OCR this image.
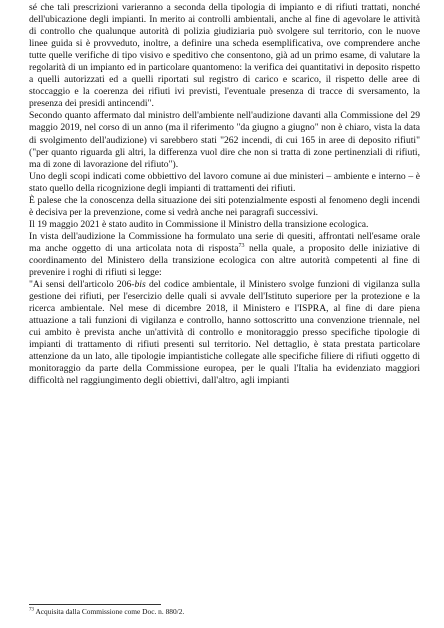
sé che tali prescrizioni varieranno a seconda della tipologia di impianto e di rifiuti trattati, nonché dell'ubicazione degli impianti. In merito ai controlli ambientali, anche al fine di agevolare le attività di controllo che qualunque autorità di polizia giudiziaria può svolgere sul territorio, con le nuove linee guida si è provveduto, inoltre, a definire una scheda esemplificativa, ove comprendere anche tutte quelle verifiche di tipo visivo e speditivo che consentono, già ad un primo esame, di valutare la regolarità di un impianto ed in particolare quantomeno: la verifica dei quantitativi in deposito rispetto a quelli autorizzati ed a quelli riportati sul registro di carico e scarico, il rispetto delle aree di stoccaggio e la coerenza dei rifiuti ivi previsti, l'eventuale presenza di tracce di sversamento, la presenza dei presidi antincendi".

Secondo quanto affermato dal ministro dell'ambiente nell'audizione davanti alla Commissione del 29 maggio 2019, nel corso di un anno (ma il riferimento "da giugno a giugno" non è chiaro, vista la data di svolgimento dell'audizione) vi sarebbero stati "262 incendi, di cui 165 in aree di deposito rifiuti" ("per quanto riguarda gli altri, la differenza vuol dire che non si tratta di zone pertinenziali di rifiuti, ma di zone di lavorazione del rifiuto").

Uno degli scopi indicati come obbiettivo del lavoro comune ai due ministeri – ambiente e interno – è stato quello della ricognizione degli impianti di trattamenti dei rifiuti.

È palese che la conoscenza della situazione dei siti potenzialmente esposti al fenomeno degli incendi è decisiva per la prevenzione, come si vedrà anche nei paragrafi successivi.

Il 19 maggio 2021 è stato audito in Commissione il Ministro della transizione ecologica.

In vista dell'audizione la Commissione ha formulato una serie di quesiti, affrontati nell'esame orale ma anche oggetto di una articolata nota di risposta$^{73}$ nella quale, a proposito delle iniziative di coordinamento del Ministero della transizione ecologica con altre autorità competenti al fine di prevenire i roghi di rifiuti si legge:

"Ai sensi dell'articolo 206-bis del codice ambientale, il Ministero svolge funzioni di vigilanza sulla gestione dei rifiuti, per l'esercizio delle quali si avvale dell'Istituto superiore per la protezione e la ricerca ambientale. Nel mese di dicembre 2018, il Ministero e l'ISPRA, al fine di dare piena attuazione a tali funzioni di vigilanza e controllo, hanno sottoscritto una convenzione triennale, nel cui ambito è prevista anche un'attività di controllo e monitoraggio presso specifiche tipologie di impianti di trattamento di rifiuti presenti sul territorio. Nel dettaglio, è stata prestata particolare attenzione da un lato, alle tipologie impiantistiche collegate alle specifiche filiere di rifiuti oggetto di monitoraggio da parte della Commissione europea, per le quali l'Italia ha evidenziato maggiori difficoltà nel raggiungimento degli obiettivi, dall'altro, agli impianti

$^{73}$ Acquisita dalla Commissione come Doc. n. 880/2.
